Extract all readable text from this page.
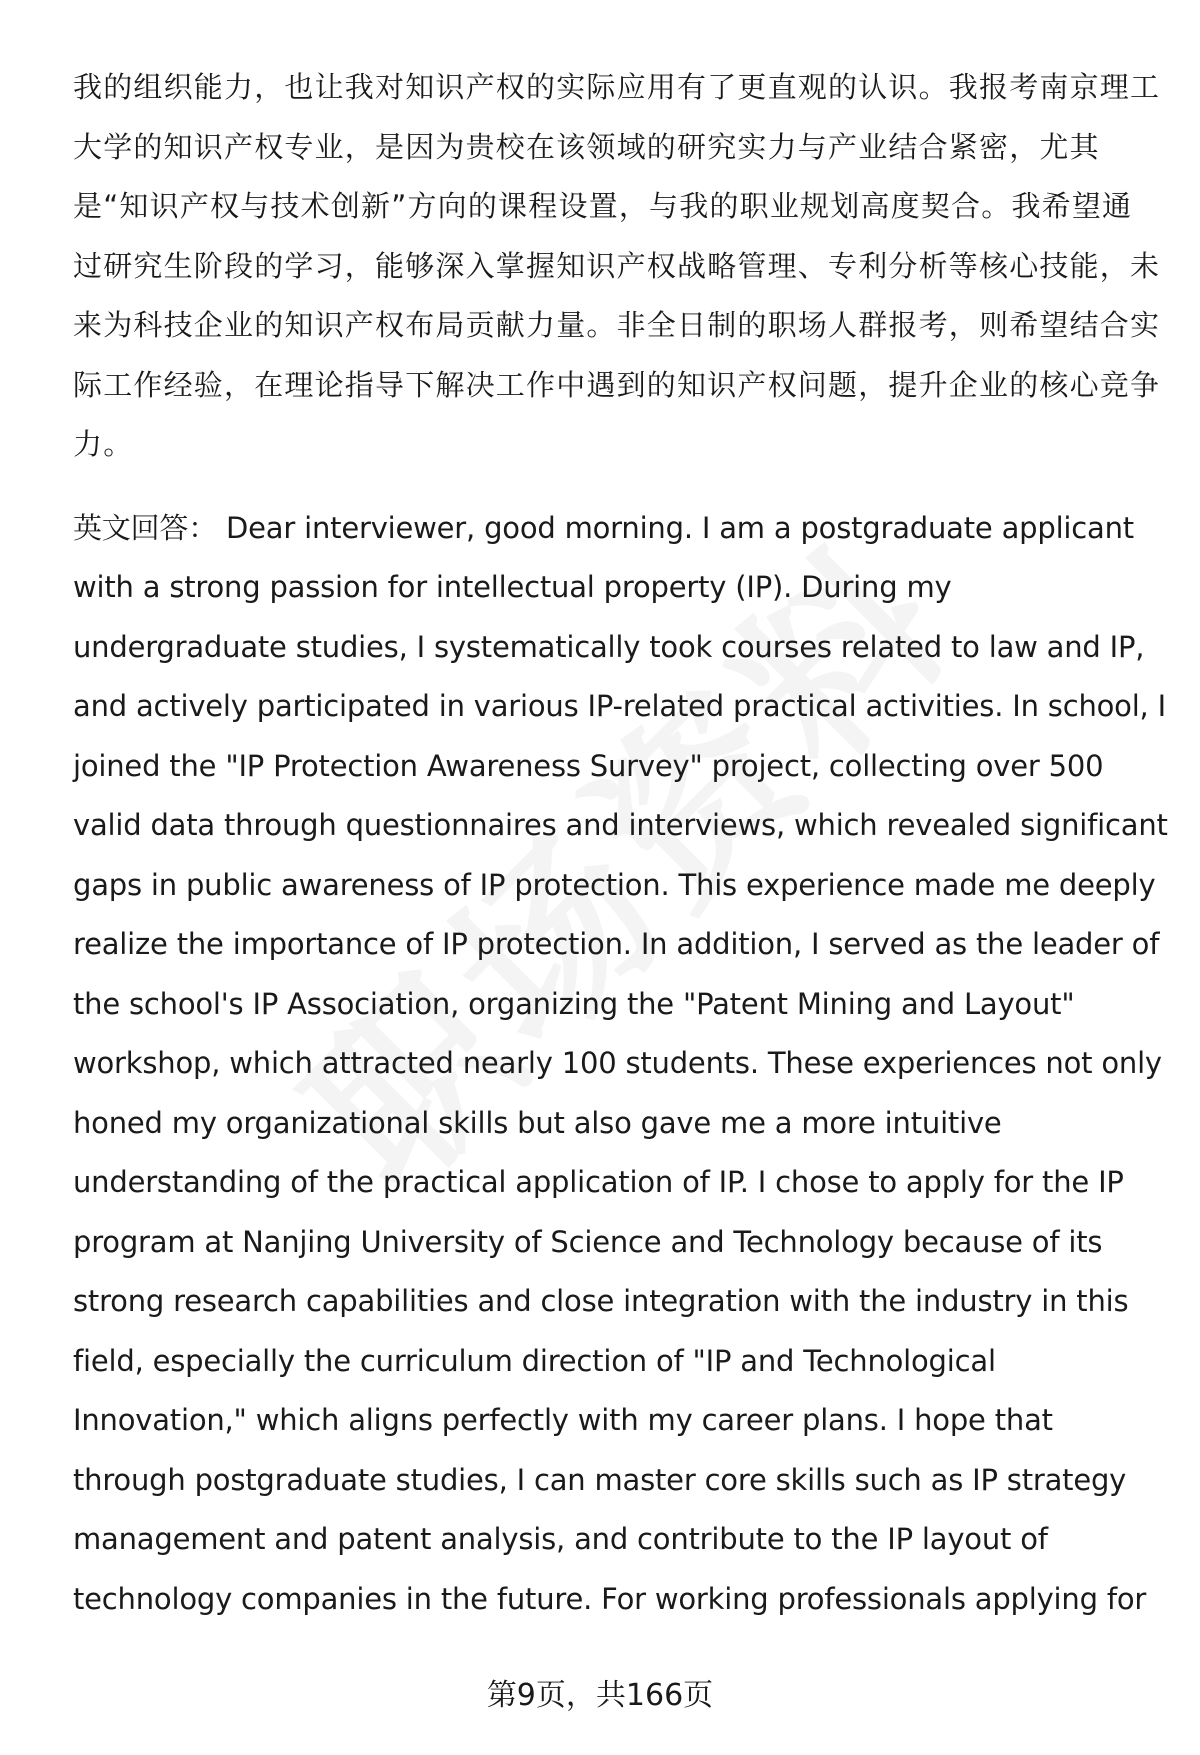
我的组织能力，也让我对知识产权的实际应用有了更直观的认识。我报考南京理工

大学的知识产权专业，是因为贵校在该领域的研究实力与产业结合紧密，尤其

是“知识产权与技术创新”方向的课程设置，与我的职业规划高度契合。我希望通

过研究生阶段的学习，能够深入掌握知识产权战略管理、专利分析等核心技能，未

来为科技企业的知识产权布局贡献力量。非全日制的职场人群报考，则希望结合实

际工作经验，在理论指导下解决工作中遇到的知识产权问题，提升企业的核心竞争

力。

英文回答： Dear interviewer, good morning. I am a postgraduate applicant

with a strong passion for intellectual property (IP). During my

undergraduate studies, I systematically took courses related to law and IP,

and actively participated in various IP-related practical activities. In school, I

joined the "IP Protection Awareness Survey" project, collecting over 500

valid data through questionnaires and interviews, which revealed significant

gaps in public awareness of IP protection. This experience made me deeply

realize the importance of IP protection. In addition, I served as the leader of

the school's IP Association, organizing the "Patent Mining and Layout"

workshop, which attracted nearly 100 students. These experiences not only

honed my organizational skills but also gave me a more intuitive

understanding of the practical application of IP. I chose to apply for the IP

program at Nanjing University of Science and Technology because of its

strong research capabilities and close integration with the industry in this

field, especially the curriculum direction of "IP and Technological

Innovation," which aligns perfectly with my career plans. I hope that

through postgraduate studies, I can master core skills such as IP strategy

management and patent analysis, and contribute to the IP layout of

technology companies in the future. For working professionals applying for

第9页，共166页
